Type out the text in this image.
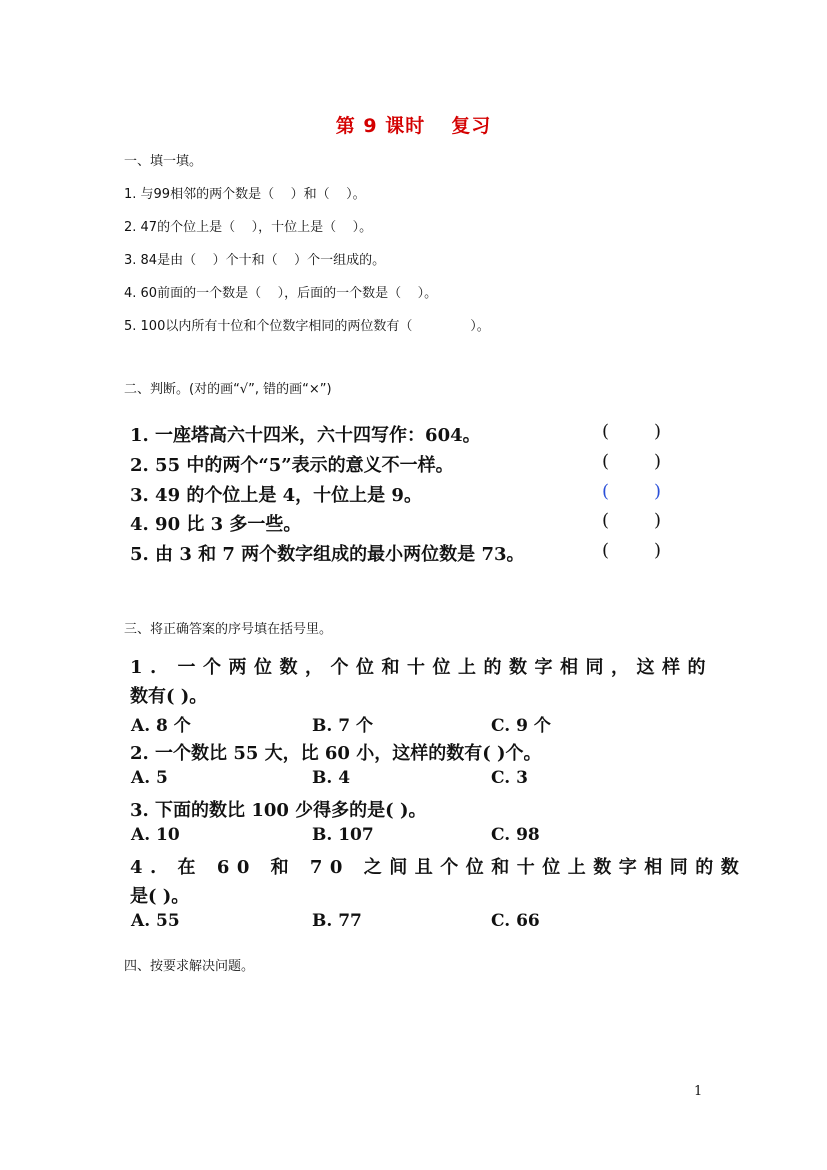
第 9 课时 复习
一、填一填。
1. 与99相邻的两个数是（    ）和（    ）。
2. 47的个位上是（    ），十位上是（    ）。
3. 84是由（    ）个十和（    ）个一组成的。
4. 60前面的一个数是（    ），后面的一个数是（    ）。
5. 100以内所有十位和个位数字相同的两位数有（              ）。
二、判断。(对的画“√”, 错的画“×”)
1. 一座塔高六十四米，六十四写作：604。	( )
2. 55 中的两个“5”表示的意义不一样。	( )
3. 49 的个位上是 4，十位上是 9。	( )
4. 90 比 3 多一些。	( )
5. 由 3 和 7 两个数字组成的最小两位数是 73。	( )
三、将正确答案的序号填在括号里。
1. 一个两位数，个位和十位上的数字相同，这样的
数有( )。
A. 8 个	B. 7 个	C. 9 个
2. 一个数比 55 大，比 60 小，这样的数有( )个。
A. 5	B. 4	C. 3
3. 下面的数比 100 少得多的是( )。
A. 10	B. 107	C. 98
4. 在 60 和 70 之间且个位和十位上数字相同的数
是( )。
A. 55	B. 77	C. 66
四、按要求解决问题。
1
